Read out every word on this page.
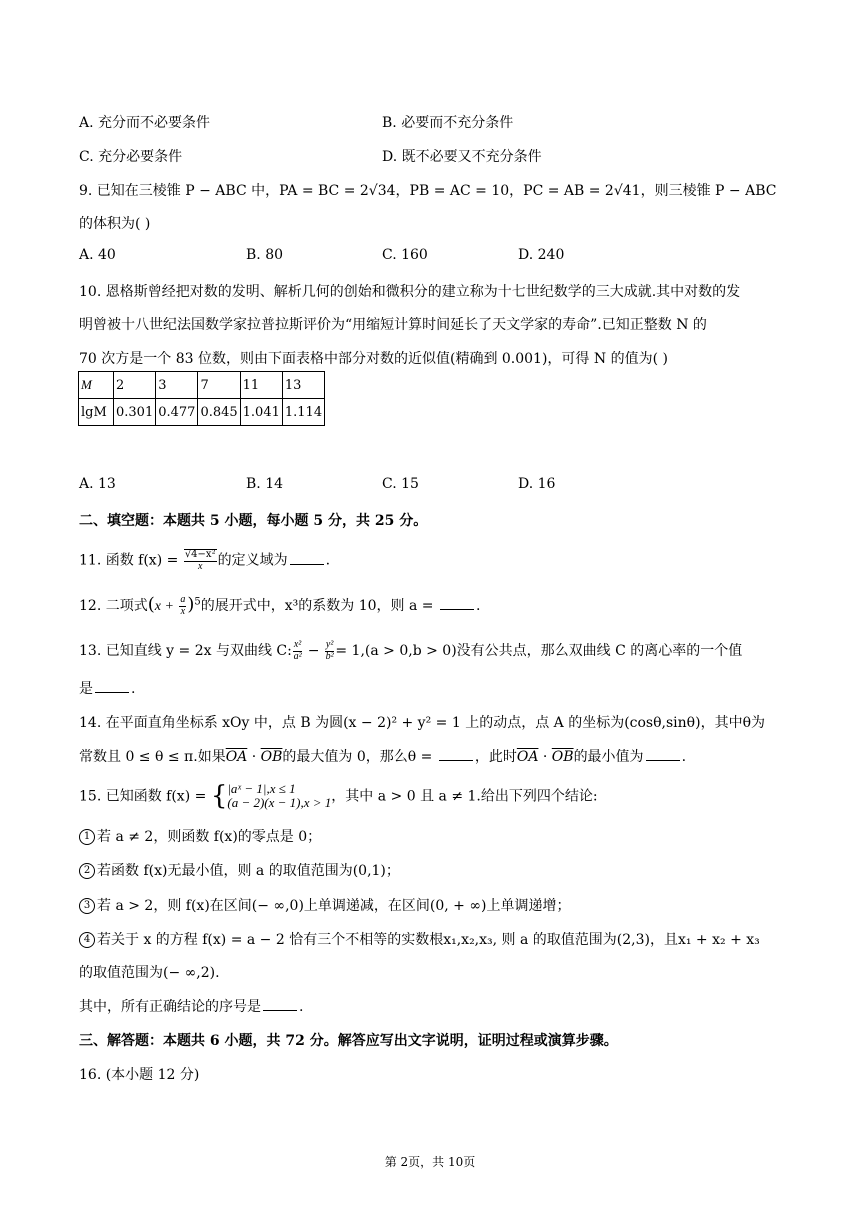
A. 充分而不必要条件	B. 必要而不充分条件
C. 充分必要条件	D. 既不必要又不充分条件
9. 已知在三棱锥 P − ABC 中，PA = BC = 2√34，PB = AC = 10，PC = AB = 2√41，则三棱锥 P − ABC
的体积为( )
A. 40	B. 80	C. 160	D. 240
10. 恩格斯曾经把对数的发明、解析几何的创始和微积分的建立称为十七世纪数学的三大成就.其中对数的发
明曾被十八世纪法国数学家拉普拉斯评价为“用缩短计算时间延长了天文学家的寿命”.已知正整数 N 的
70 次方是一个 83 位数，则由下面表格中部分对数的近似值(精确到 0.001)，可得 N 的值为( )
M	2	3	7	11	13
lgM	0.301	0.477	0.845	1.041	1.114
A. 13	B. 14	C. 15	D. 16
二、填空题：本题共 5 小题，每小题 5 分，共 25 分。
11. 函数 $f(x) = \frac{\text{√4−x²}}{x}$ 的定义域为	.
12. 二项式$(x + \frac{a}{x} )^5$的展开式中，x³的系数为 10，则 a =	.
13. 已知直线 y = 2x 与双曲线 C: $\frac{\text{x²}}{\text{a²}} - \frac{\text{y²}}{\text{b²}} = 1,(a > 0,b > 0)$没有公共点，那么双曲线 C 的离心率的一个值
是	.
14. 在平面直角坐标系 xOy 中，点 B 为圆(x − 2)² + y² = 1 上的动点，点 A 的坐标为(cosθ,sinθ)，其中θ为
常数且 0 ≤ θ ≤ π.如果$\overline{OA} \cdot \overline{OB}$的最大值为 0，那么θ =	，此时$\overline{OA} \cdot \overline{OB}$的最小值为	.
15. 已知函数 f(x) = { |aˣ − 1|,x ≤ 1
(a − 2)(x − 1),x > 1 ，其中 a > 0 且 a ≠ 1.给出下列四个结论:
1 若 a ≠ 2，则函数 f(x)的零点是 0；
2 若函数 f(x)无最小值，则 a 的取值范围为(0,1)；
3 若 a > 2，则 f(x)在区间(− ∞,0)上单调递减，在区间(0, + ∞)上单调递增；
4 若关于 x 的方程 f(x) = a − 2 恰有三个不相等的实数根x₁,x₂,x₃, 则 a 的取值范围为(2,3)，且x₁ + x₂ + x₃
的取值范围为(− ∞,2).
其中，所有正确结论的序号是	.
三、解答题：本题共 6 小题，共 72 分。解答应写出文字说明，证明过程或演算步骤。
16. (本小题 12 分)
第 2页，共 10页
